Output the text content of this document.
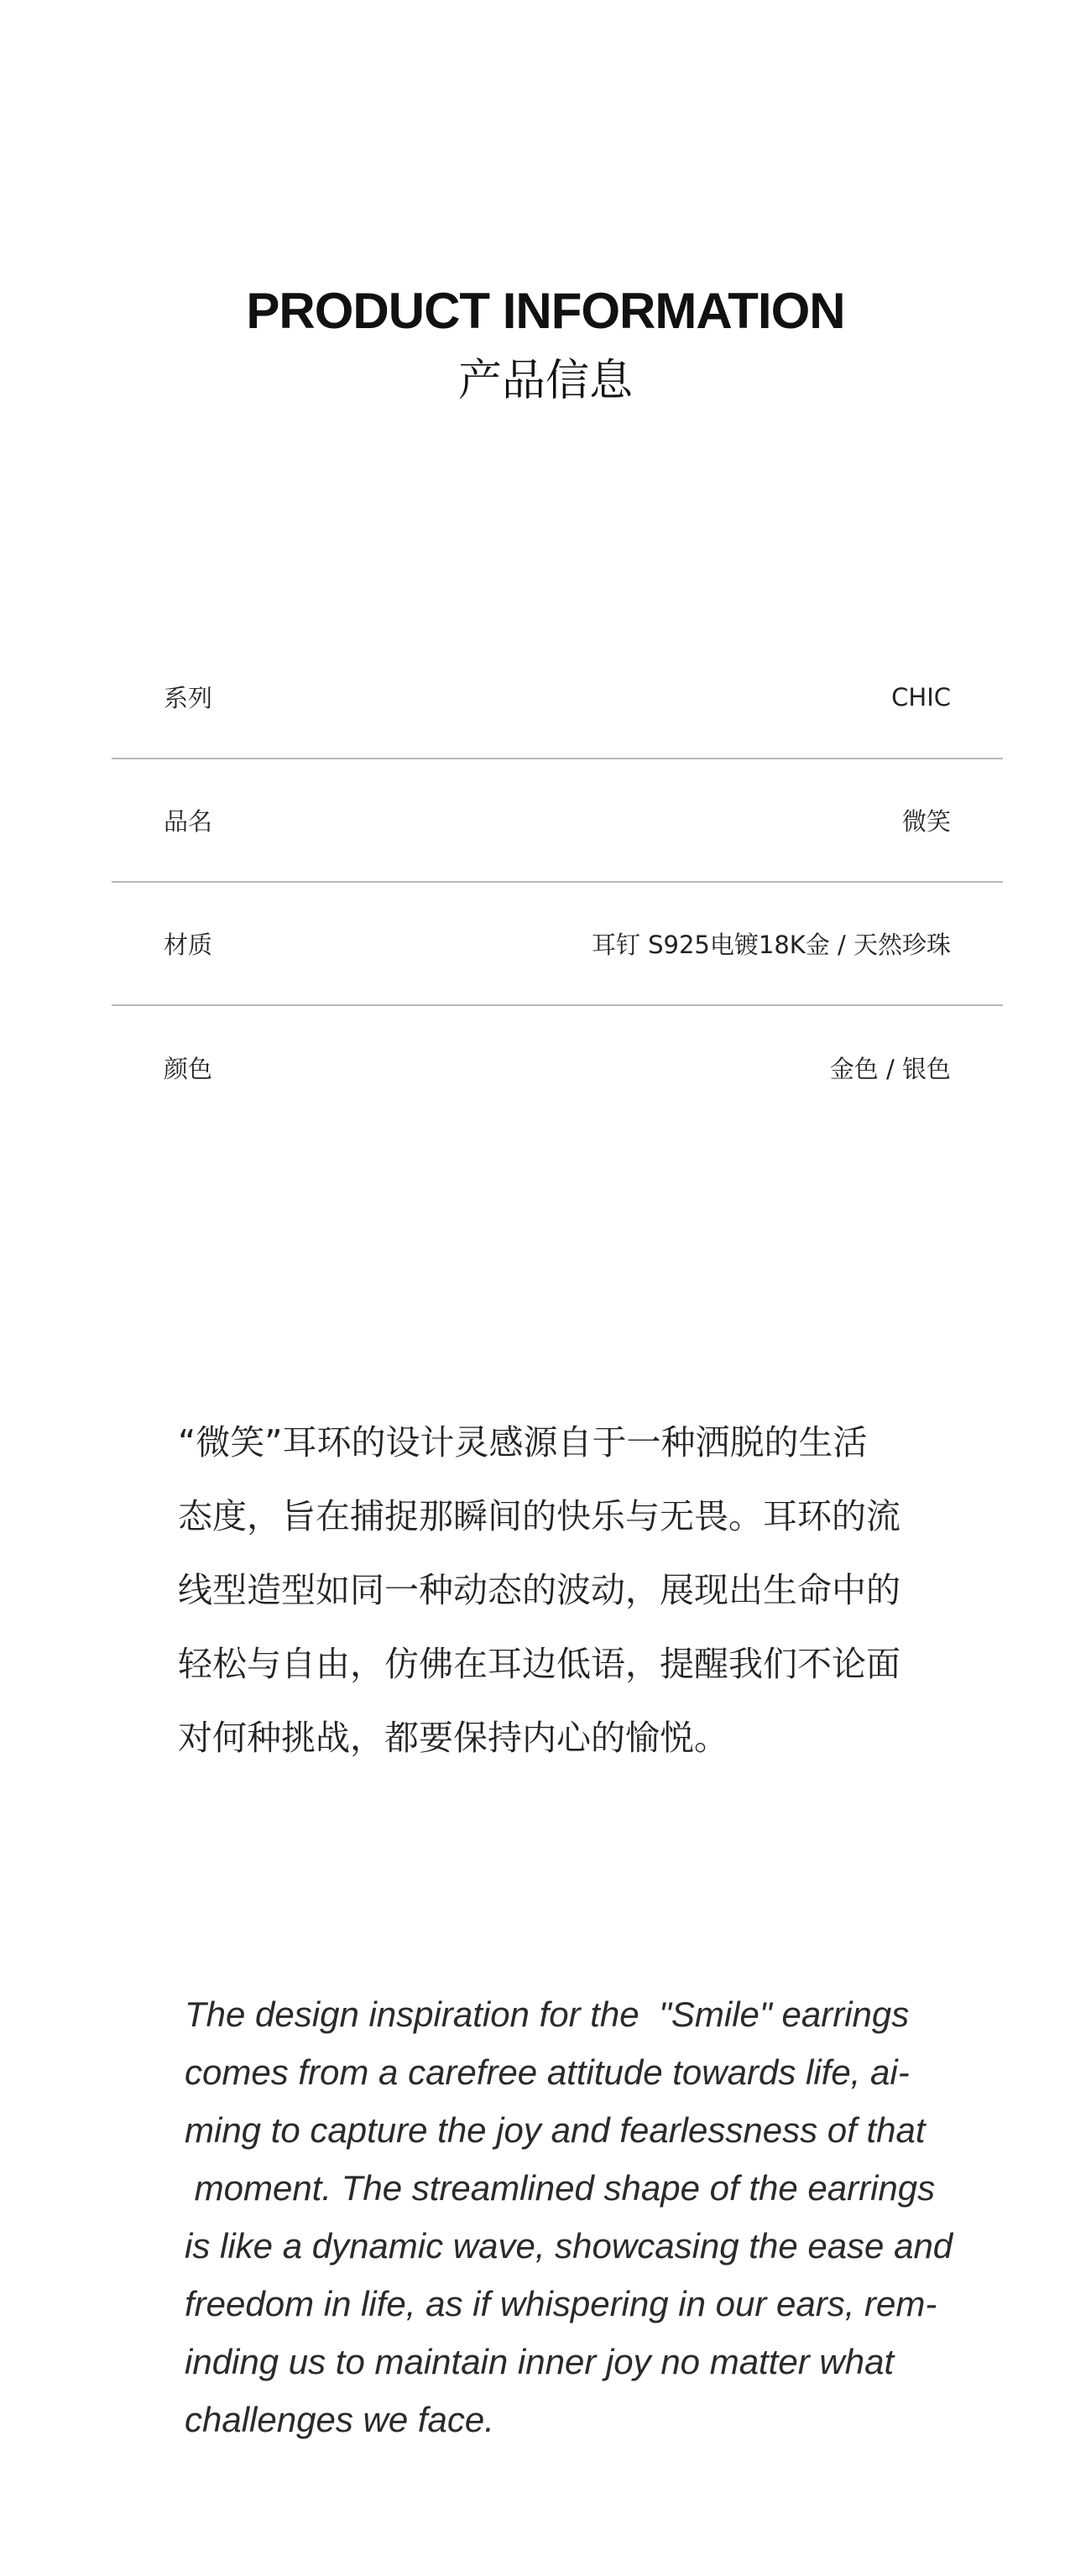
PRODUCT INFORMATION
产品信息
系列	CHIC
品名	微笑
材质	耳钉 S925电镀18K金 / 天然珍珠
颜色	金色 / 银色
“微笑”耳环的设计灵感源自于一种洒脱的生活
态度，旨在捕捉那瞬间的快乐与无畏。耳环的流
线型造型如同一种动态的波动，展现出生命中的
轻松与自由，仿佛在耳边低语，提醒我们不论面
对何种挑战，都要保持内心的愉悦。
The design inspiration for the  "Smile" earrings
comes from a carefree attitude towards life, ai-
ming to capture the joy and fearlessness of that
moment. The streamlined shape of the earrings
is like a dynamic wave, showcasing the ease and
freedom in life, as if whispering in our ears, rem-
inding us to maintain inner joy no matter what
challenges we face.
